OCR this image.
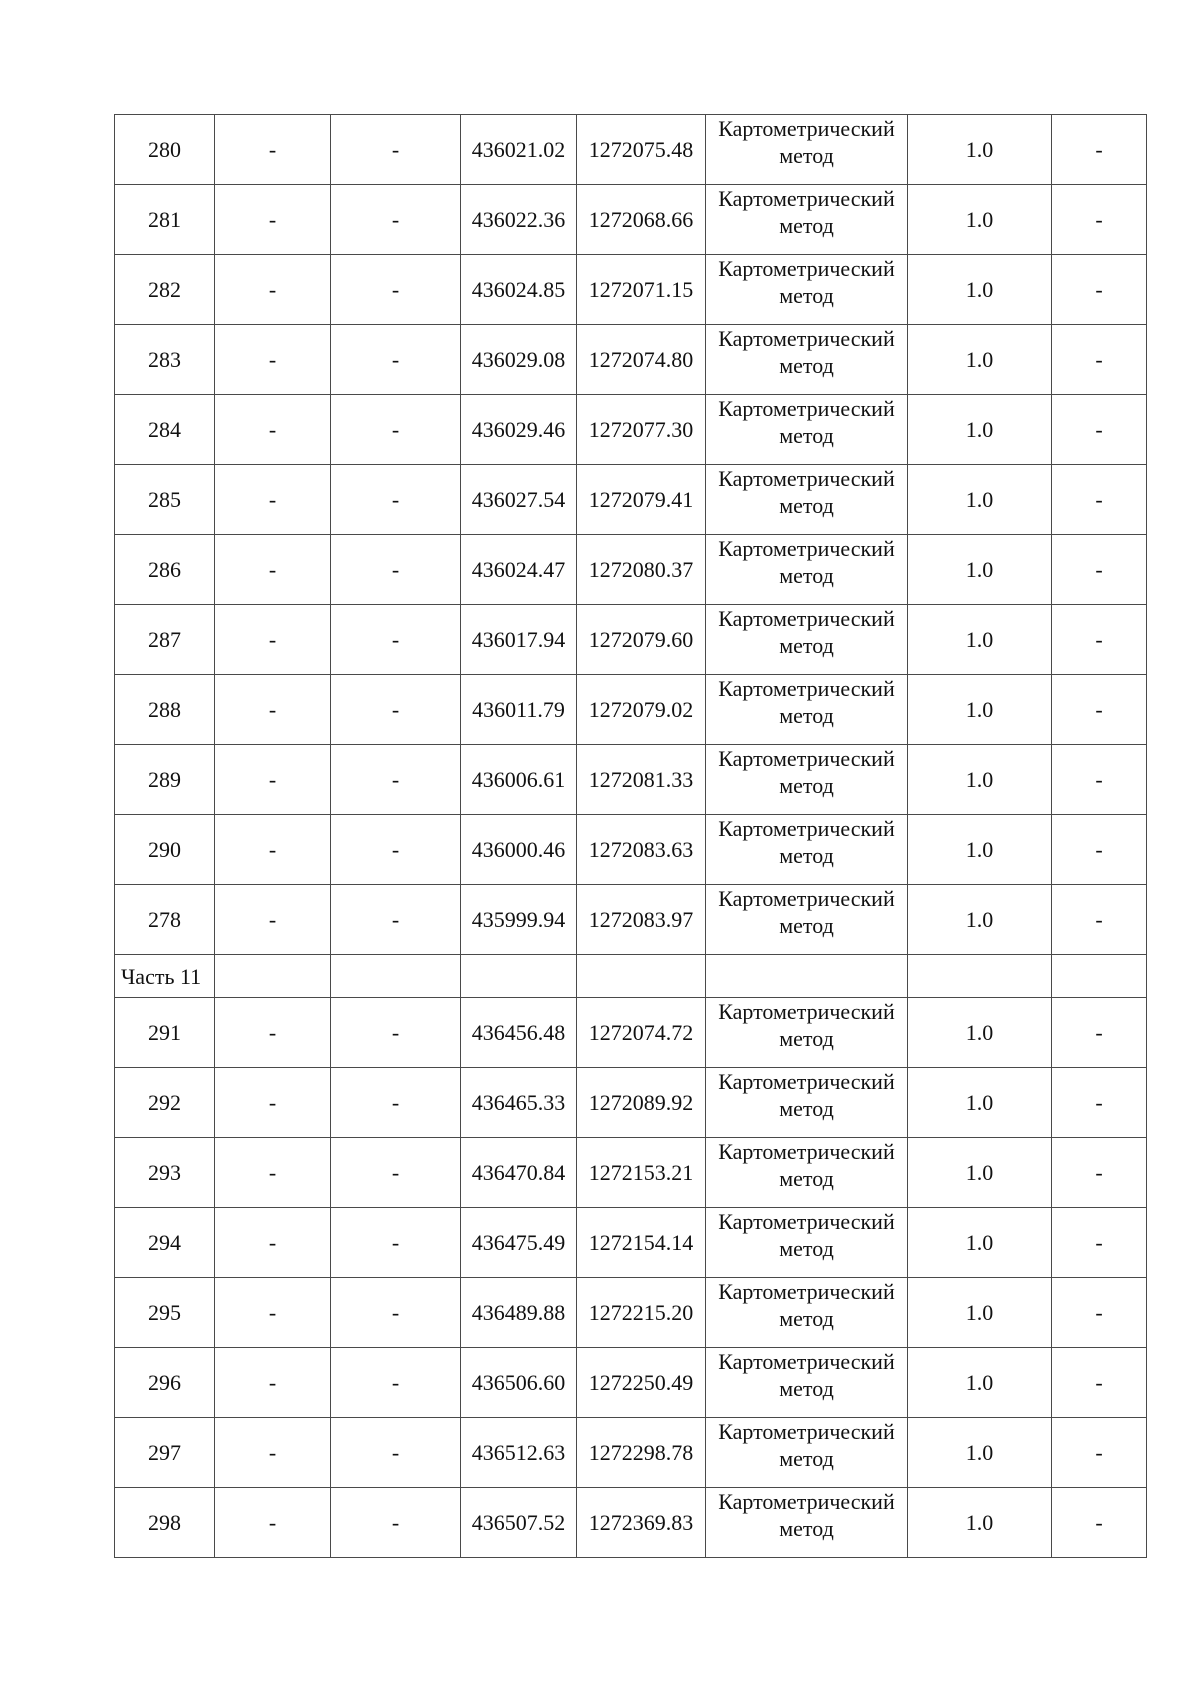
280	-	-	436021.02	1272075.48	Картометрический метод	1.0	-
281	-	-	436022.36	1272068.66	Картометрический метод	1.0	-
282	-	-	436024.85	1272071.15	Картометрический метод	1.0	-
283	-	-	436029.08	1272074.80	Картометрический метод	1.0	-
284	-	-	436029.46	1272077.30	Картометрический метод	1.0	-
285	-	-	436027.54	1272079.41	Картометрический метод	1.0	-
286	-	-	436024.47	1272080.37	Картометрический метод	1.0	-
287	-	-	436017.94	1272079.60	Картометрический метод	1.0	-
288	-	-	436011.79	1272079.02	Картометрический метод	1.0	-
289	-	-	436006.61	1272081.33	Картометрический метод	1.0	-
290	-	-	436000.46	1272083.63	Картометрический метод	1.0	-
278	-	-	435999.94	1272083.97	Картометрический метод	1.0	-
Часть 11							
291	-	-	436456.48	1272074.72	Картометрический метод	1.0	-
292	-	-	436465.33	1272089.92	Картометрический метод	1.0	-
293	-	-	436470.84	1272153.21	Картометрический метод	1.0	-
294	-	-	436475.49	1272154.14	Картометрический метод	1.0	-
295	-	-	436489.88	1272215.20	Картометрический метод	1.0	-
296	-	-	436506.60	1272250.49	Картометрический метод	1.0	-
297	-	-	436512.63	1272298.78	Картометрический метод	1.0	-
298	-	-	436507.52	1272369.83	Картометрический метод	1.0	-
